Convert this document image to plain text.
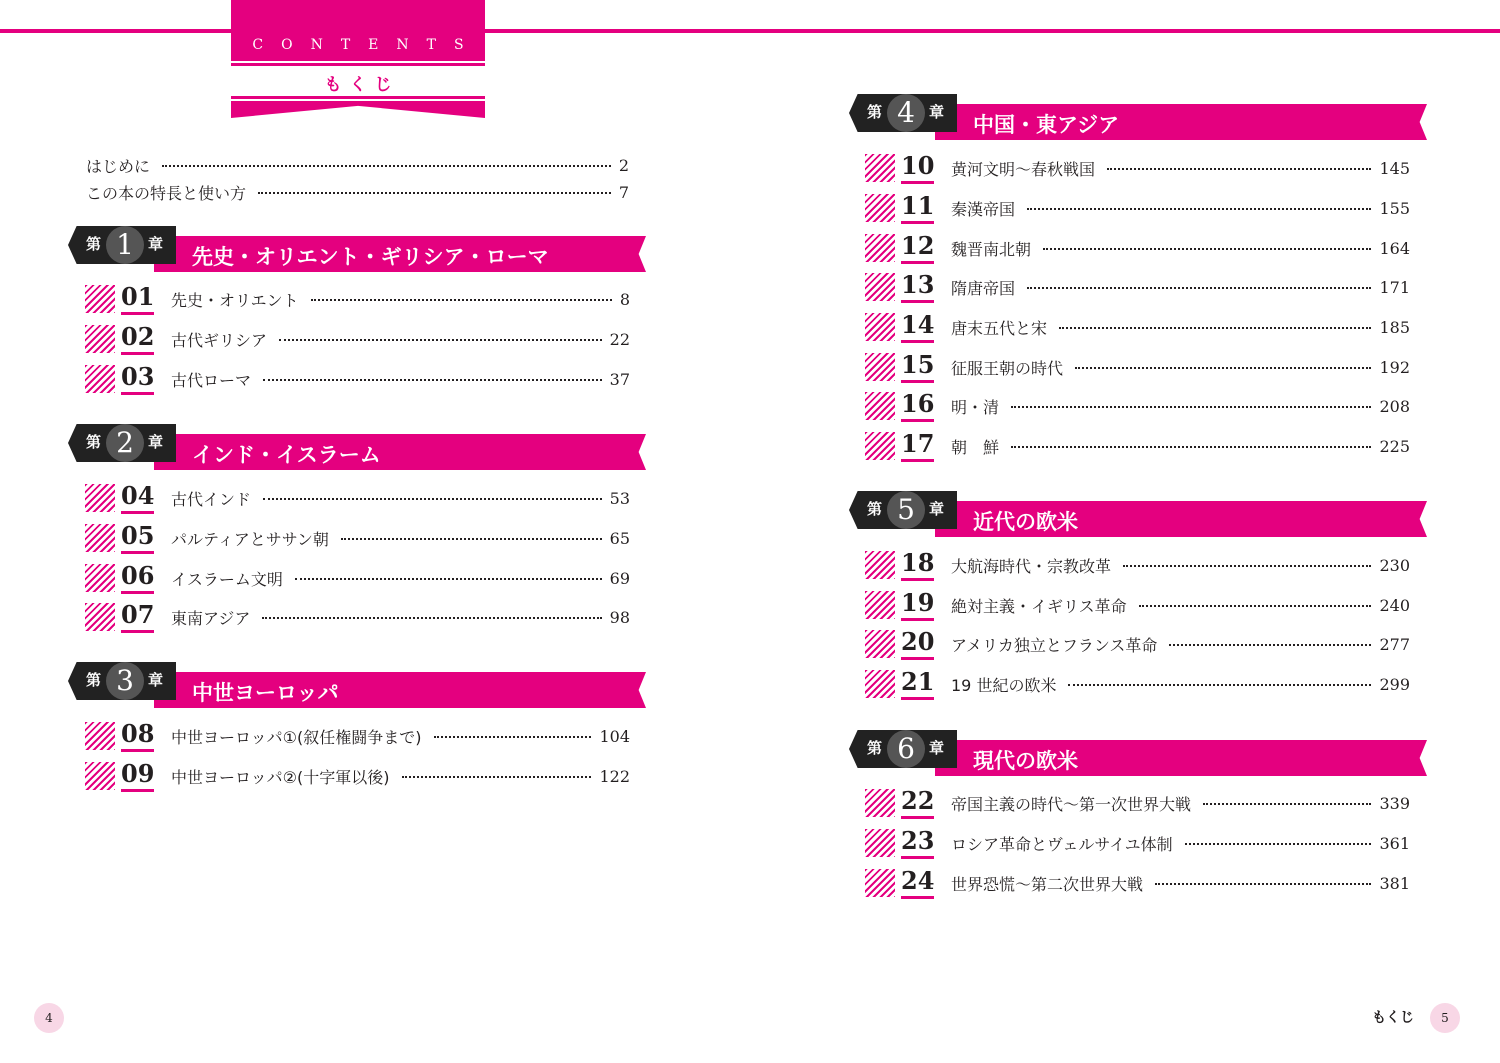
CONTENTS
もくじ
はじめに	2
この本の特長と使い方	7
先史・オリエント・ギリシア・ローマ
第 1 章
01 先史・オリエント	8
02 古代ギリシア	22
03 古代ローマ	37
インド・イスラーム
第 2 章
04 古代インド	53
05 パルティアとササン朝	65
06 イスラーム文明	69
07 東南アジア	98
中世ヨーロッパ
第 3 章
08 中世ヨーロッパ①(叙任権闘争まで)	104
09 中世ヨーロッパ②(十字軍以後)	122
中国・東アジア
第 4 章
10 黄河文明〜春秋戦国	145
11 秦漢帝国	155
12 魏晋南北朝	164
13 隋唐帝国	171
14 唐末五代と宋	185
15 征服王朝の時代	192
16 明・清	208
17 朝　鮮	225
近代の欧米
第 5 章
18 大航海時代・宗教改革	230
19 絶対主義・イギリス革命	240
20 アメリカ独立とフランス革命	277
21 19 世紀の欧米	299
現代の欧米
第 6 章
22 帝国主義の時代〜第一次世界大戦	339
23 ロシア革命とヴェルサイユ体制	361
24 世界恐慌〜第二次世界大戦	381
4	もくじ	5
